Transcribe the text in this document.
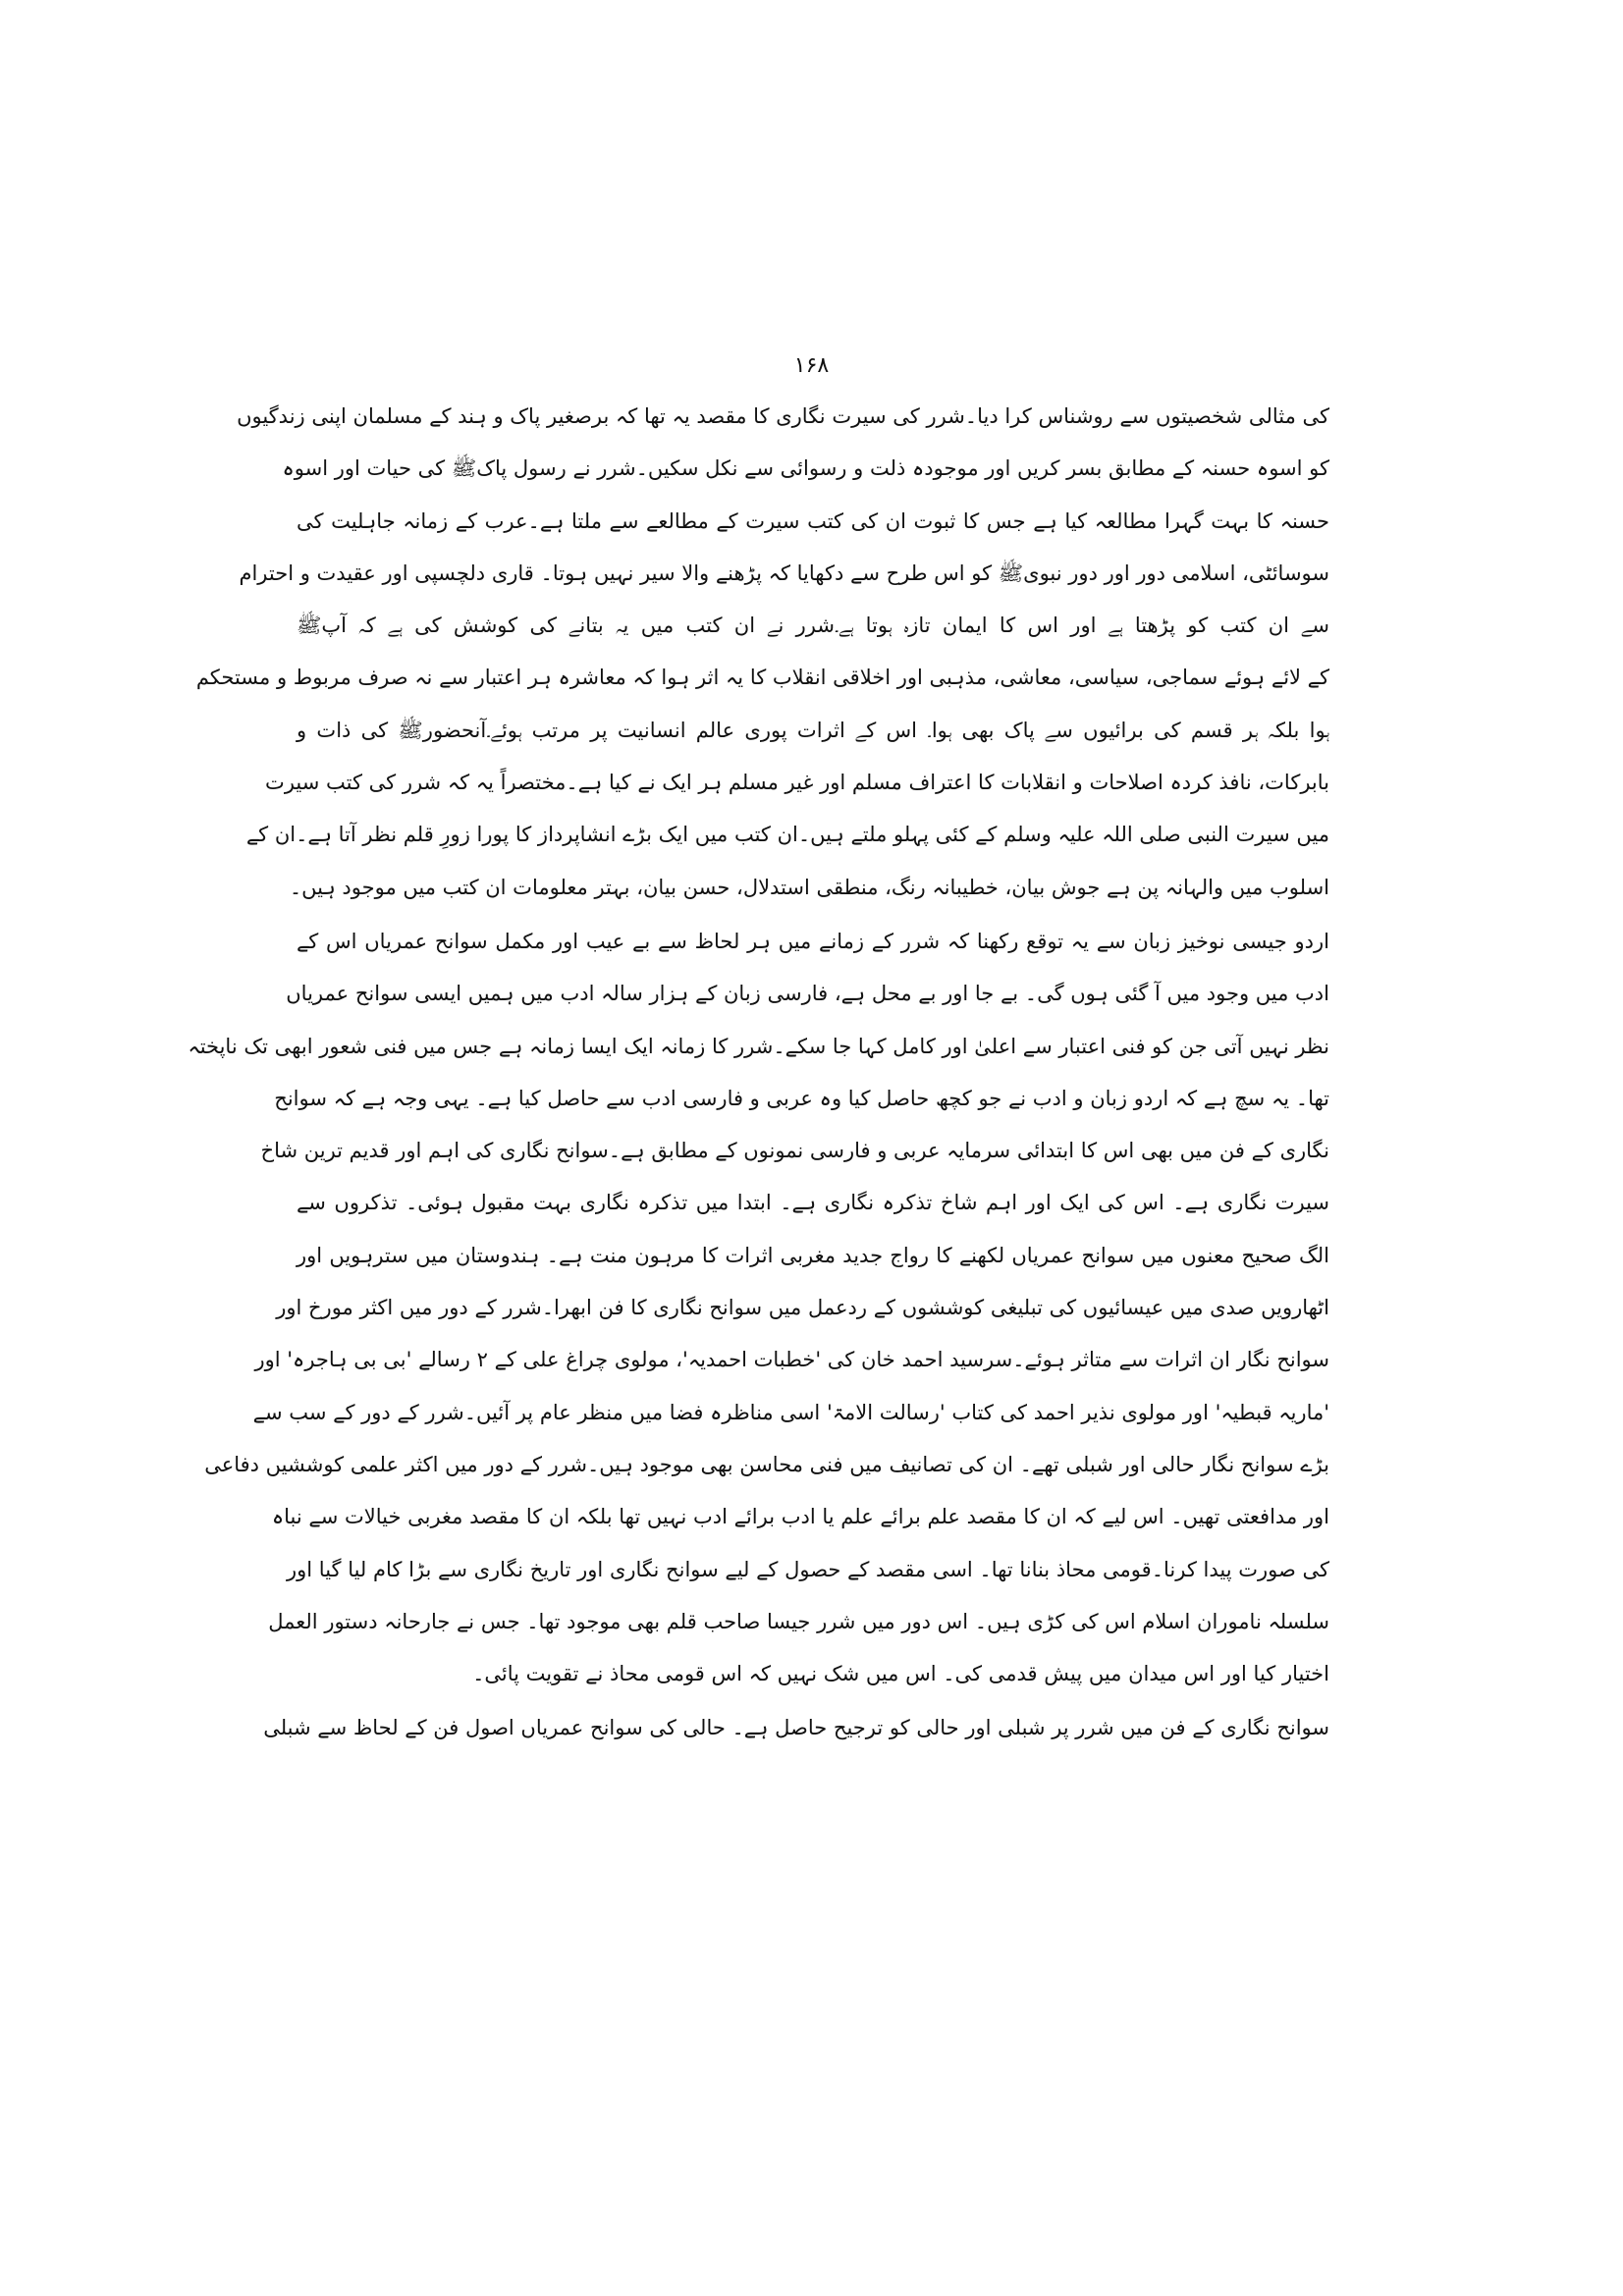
۱۶۸
کی مثالی شخصیتوں سے روشناس کرا دیا۔شرر کی سیرت نگاری کا مقصد یہ تھا کہ برصغیر پاک و ہند کے مسلمان اپنی زندگیوں
کو اسوہ حسنہ کے مطابق بسر کریں اور موجودہ ذلت و رسوائی سے نکل سکیں۔شرر نے رسول پاکﷺ کی حیات اور اسوہ
حسنہ کا بہت گہرا مطالعہ کیا ہے جس کا ثبوت ان کی کتب سیرت کے مطالعے سے ملتا ہے۔عرب کے زمانہ جاہلیت کی
سوسائٹی، اسلامی دور اور دور نبویﷺ کو اس طرح سے دکھایا کہ پڑھنے والا سیر نہیں ہوتا۔ قاری دلچسپی اور عقیدت و احترام
سے ان کتب کو پڑھتا ہے اور اس کا ایمان تازہ ہوتا ہے۔شرر نے ان کتب میں یہ بتانے کی کوشش کی ہے کہ آپﷺ
کے لائے ہوئے سماجی، سیاسی، معاشی، مذہبی اور اخلاقی انقلاب کا یہ اثر ہوا کہ معاشرہ ہر اعتبار سے نہ صرف مربوط و مستحکم
ہوا بلکہ ہر قسم کی برائیوں سے پاک بھی ہوا۔ اس کے اثرات پوری عالم انسانیت پر مرتب ہوئے۔آنحضورﷺ کی ذات و
بابرکات، نافذ کردہ اصلاحات و انقلابات کا اعتراف مسلم اور غیر مسلم ہر ایک نے کیا ہے۔مختصراً یہ کہ شرر کی کتب سیرت
میں سیرت النبی صلی اللہ علیہ وسلم کے کئی پہلو ملتے ہیں۔ان کتب میں ایک بڑے انشاپرداز کا پورا زورِ قلم نظر آتا ہے۔ان کے
اسلوب میں والہانہ پن ہے جوش بیان، خطیبانہ رنگ، منطقی استدلال، حسن بیان، بہتر معلومات ان کتب میں موجود ہیں۔
اردو جیسی نوخیز زبان سے یہ توقع رکھنا کہ شرر کے زمانے میں ہر لحاظ سے بے عیب اور مکمل سوانح عمریاں اس کے
ادب میں وجود میں آ گئی ہوں گی۔ بے جا اور بے محل ہے، فارسی زبان کے ہزار سالہ ادب میں ہمیں ایسی سوانح عمریاں
نظر نہیں آتی جن کو فنی اعتبار سے اعلیٰ اور کامل کہا جا سکے۔شرر کا زمانہ ایک ایسا زمانہ ہے جس میں فنی شعور ابھی تک ناپختہ
تھا۔ یہ سچ ہے کہ اردو زبان و ادب نے جو کچھ حاصل کیا وہ عربی و فارسی ادب سے حاصل کیا ہے۔ یہی وجہ ہے کہ سوانح
نگاری کے فن میں بھی اس کا ابتدائی سرمایہ عربی و فارسی نمونوں کے مطابق ہے۔سوانح نگاری کی اہم اور قدیم ترین شاخ
سیرت نگاری ہے۔ اس کی ایک اور اہم شاخ تذکرہ نگاری ہے۔ ابتدا میں تذکرہ نگاری بہت مقبول ہوئی۔ تذکروں سے
الگ صحیح معنوں میں سوانح عمریاں لکھنے کا رواج جدید مغربی اثرات کا مرہون منت ہے۔ ہندوستان میں سترہویں اور
اٹھارویں صدی میں عیسائیوں کی تبلیغی کوششوں کے ردعمل میں سوانح نگاری کا فن ابھرا۔شرر کے دور میں اکثر مورخ اور
سوانح نگار ان اثرات سے متاثر ہوئے۔سرسید احمد خان کی 'خطبات احمدیہ'، مولوی چراغ علی کے ۲ رسالے 'بی بی ہاجرہ' اور
'ماریہ قبطیہ' اور مولوی نذیر احمد کی کتاب 'رسالت الامۃ' اسی مناظرہ فضا میں منظر عام پر آئیں۔شرر کے دور کے سب سے
بڑے سوانح نگار حالی اور شبلی تھے۔ ان کی تصانیف میں فنی محاسن بھی موجود ہیں۔شرر کے دور میں اکثر علمی کوششیں دفاعی
اور مدافعتی تھیں۔ اس لیے کہ ان کا مقصد علم برائے علم یا ادب برائے ادب نہیں تھا بلکہ ان کا مقصد مغربی خیالات سے نباہ
کی صورت پیدا کرنا۔قومی محاذ بنانا تھا۔ اسی مقصد کے حصول کے لیے سوانح نگاری اور تاریخ نگاری سے بڑا کام لیا گیا اور
سلسلہ ناموران اسلام اس کی کڑی ہیں۔ اس دور میں شرر جیسا صاحب قلم بھی موجود تھا۔ جس نے جارحانہ دستور العمل
اختیار کیا اور اس میدان میں پیش قدمی کی۔ اس میں شک نہیں کہ اس قومی محاذ نے تقویت پائی۔
سوانح نگاری کے فن میں شرر پر شبلی اور حالی کو ترجیح حاصل ہے۔ حالی کی سوانح عمریاں اصول فن کے لحاظ سے شبلی
